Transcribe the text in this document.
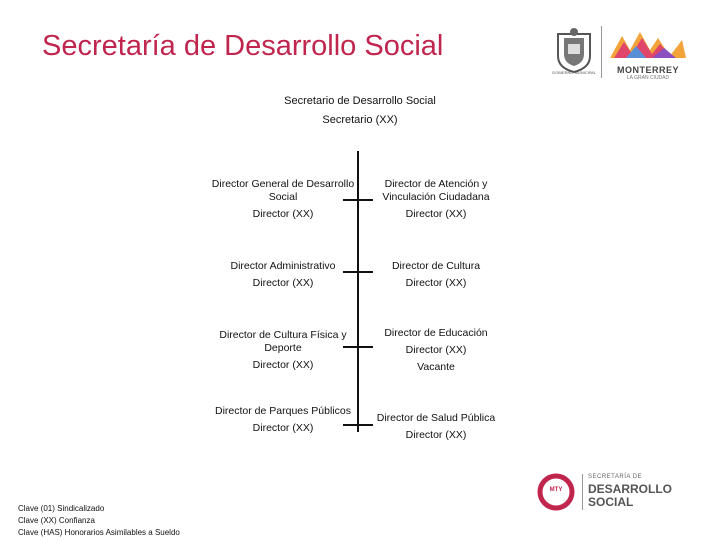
Secretaría de Desarrollo Social
GOBIERNO MUNICIPAL	MONTERREY
LA GRAN CIUDAD
Secretario de Desarrollo Social
Secretario (XX)
Director General de Desarrollo Social
Director (XX)
Director Administrativo
Director (XX)
Director de Cultura Física y Deporte
Director (XX)
Director de Parques Públicos
Director (XX)
Director de Atención y Vinculación Ciudadana
Director (XX)
Director de Cultura
Director (XX)
Director de Educación
Director (XX)
Vacante
Director de Salud Pública
Director (XX)
MTY
SECRETARÍA DE
DESARROLLO
SOCIAL
Clave (01) Sindicalizado
Clave (XX) Confianza
Clave (HAS) Honorarios Asimilables a Sueldo
